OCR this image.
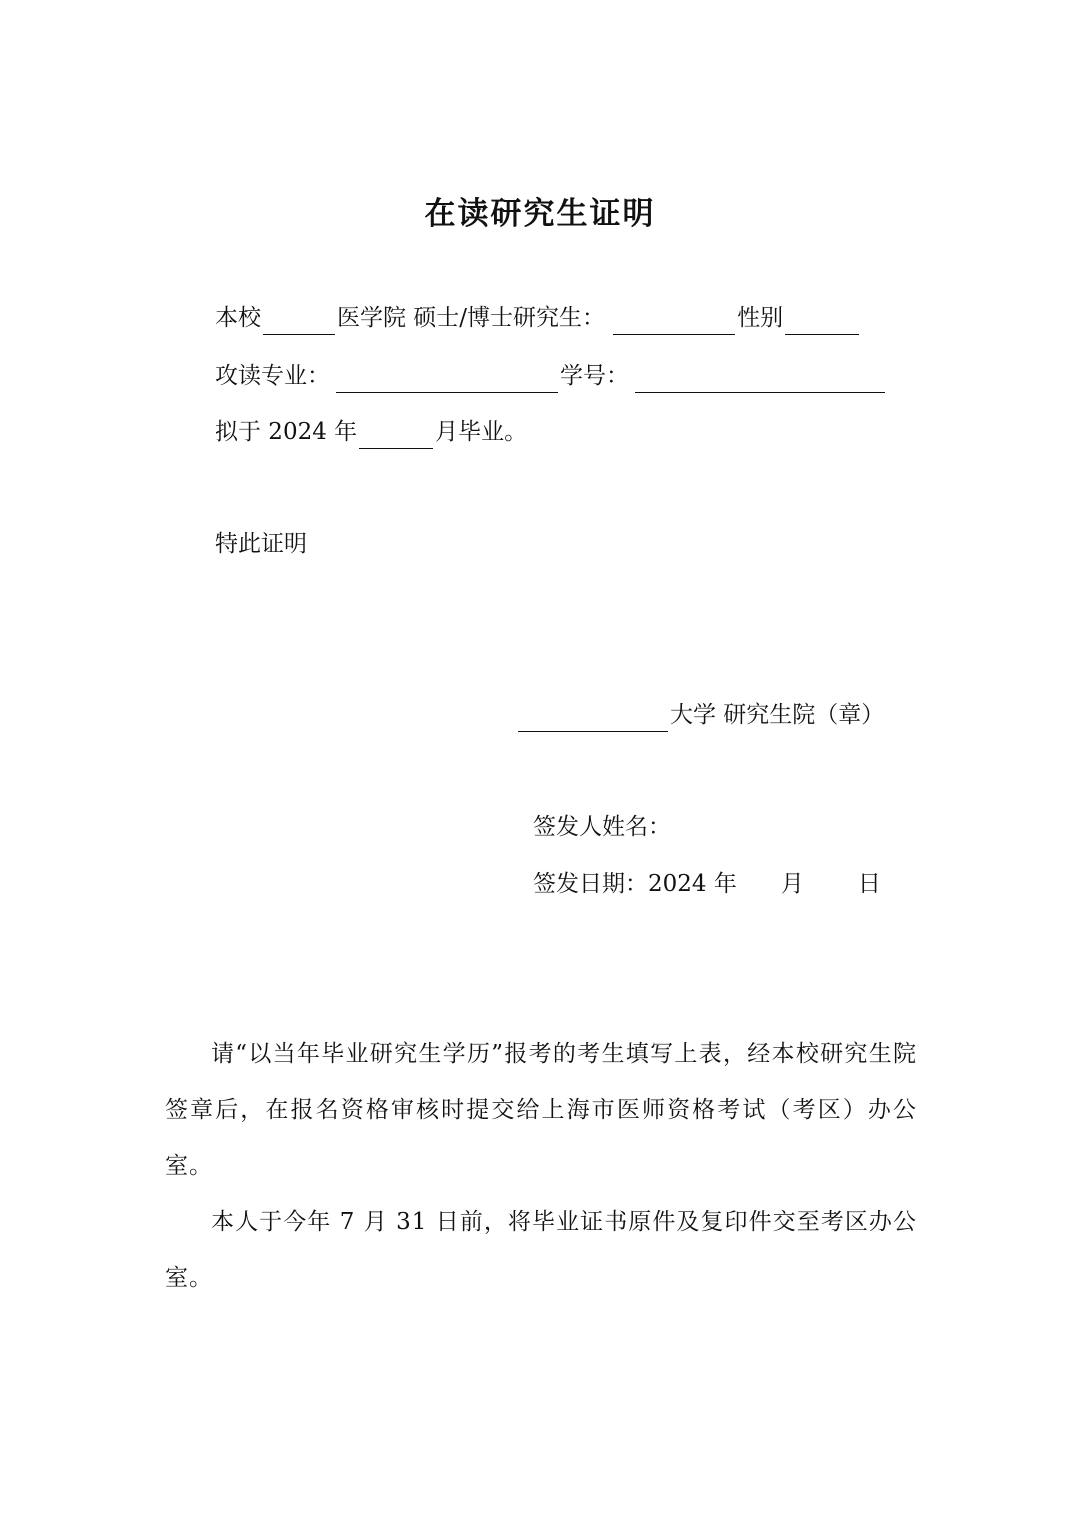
在读研究生证明
本校	医学院 硕士/博士研究生：	性别
攻读专业：	学号：
拟于 2024 年	月毕业。
特此证明
大学 研究生院（章）
签发人姓名：
签发日期：2024 年 月 日

请“以当年毕业研究生学历”报考的考生填写上表，经本校研究生院签章后，在报名资格审核时提交给上海市医师资格考试（考区）办公室。

本人于今年 7 月 31 日前，将毕业证书原件及复印件交至考区办公室。
